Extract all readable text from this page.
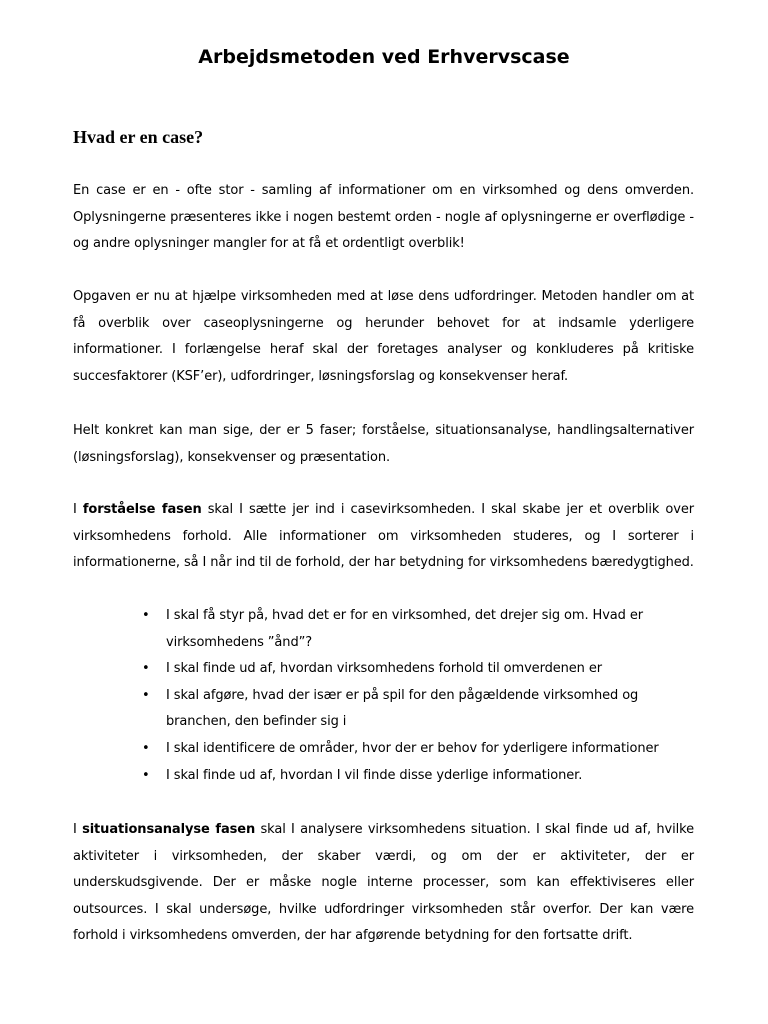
Arbejdsmetoden ved Erhvervscase
Hvad er en case?

En case er en - ofte stor - samling af informationer om en virksomhed og dens omverden. Oplysningerne præsenteres ikke i nogen bestemt orden - nogle af oplysningerne er overflødige - og andre oplysninger mangler for at få et ordentligt overblik!

Opgaven er nu at hjælpe virksomheden med at løse dens udfordringer. Metoden handler om at få overblik over caseoplysningerne og herunder behovet for at indsamle yderligere informationer. I forlængelse heraf skal der foretages analyser og konkluderes på kritiske succesfaktorer (KSF’er), udfordringer, løsningsforslag og konsekvenser heraf.

Helt konkret kan man sige, der er 5 faser; forståelse, situationsanalyse, handlingsalternativer (løsningsforslag), konsekvenser og præsentation.

I forståelse fasen skal I sætte jer ind i casevirksomheden. I skal skabe jer et overblik over virksomhedens forhold. Alle informationer om virksomheden studeres, og I sorterer i informationerne, så I når ind til de forhold, der har betydning for virksomhedens bæredygtighed.

• I skal få styr på, hvad det er for en virksomhed, det drejer sig om. Hvad er virksomhedens ”ånd”?
• I skal finde ud af, hvordan virksomhedens forhold til omverdenen er
• I skal afgøre, hvad der især er på spil for den pågældende virksomhed og branchen, den befinder sig i
• I skal identificere de områder, hvor der er behov for yderligere informationer
• I skal finde ud af, hvordan I vil finde disse yderlige informationer.

I situationsanalyse fasen skal I analysere virksomhedens situation. I skal finde ud af, hvilke aktiviteter i virksomheden, der skaber værdi, og om der er aktiviteter, der er underskudsgivende. Der er måske nogle interne processer, som kan effektiviseres eller outsources. I skal undersøge, hvilke udfordringer virksomheden står overfor. Der kan være forhold i virksomhedens omverden, der har afgørende betydning for den fortsatte drift.
